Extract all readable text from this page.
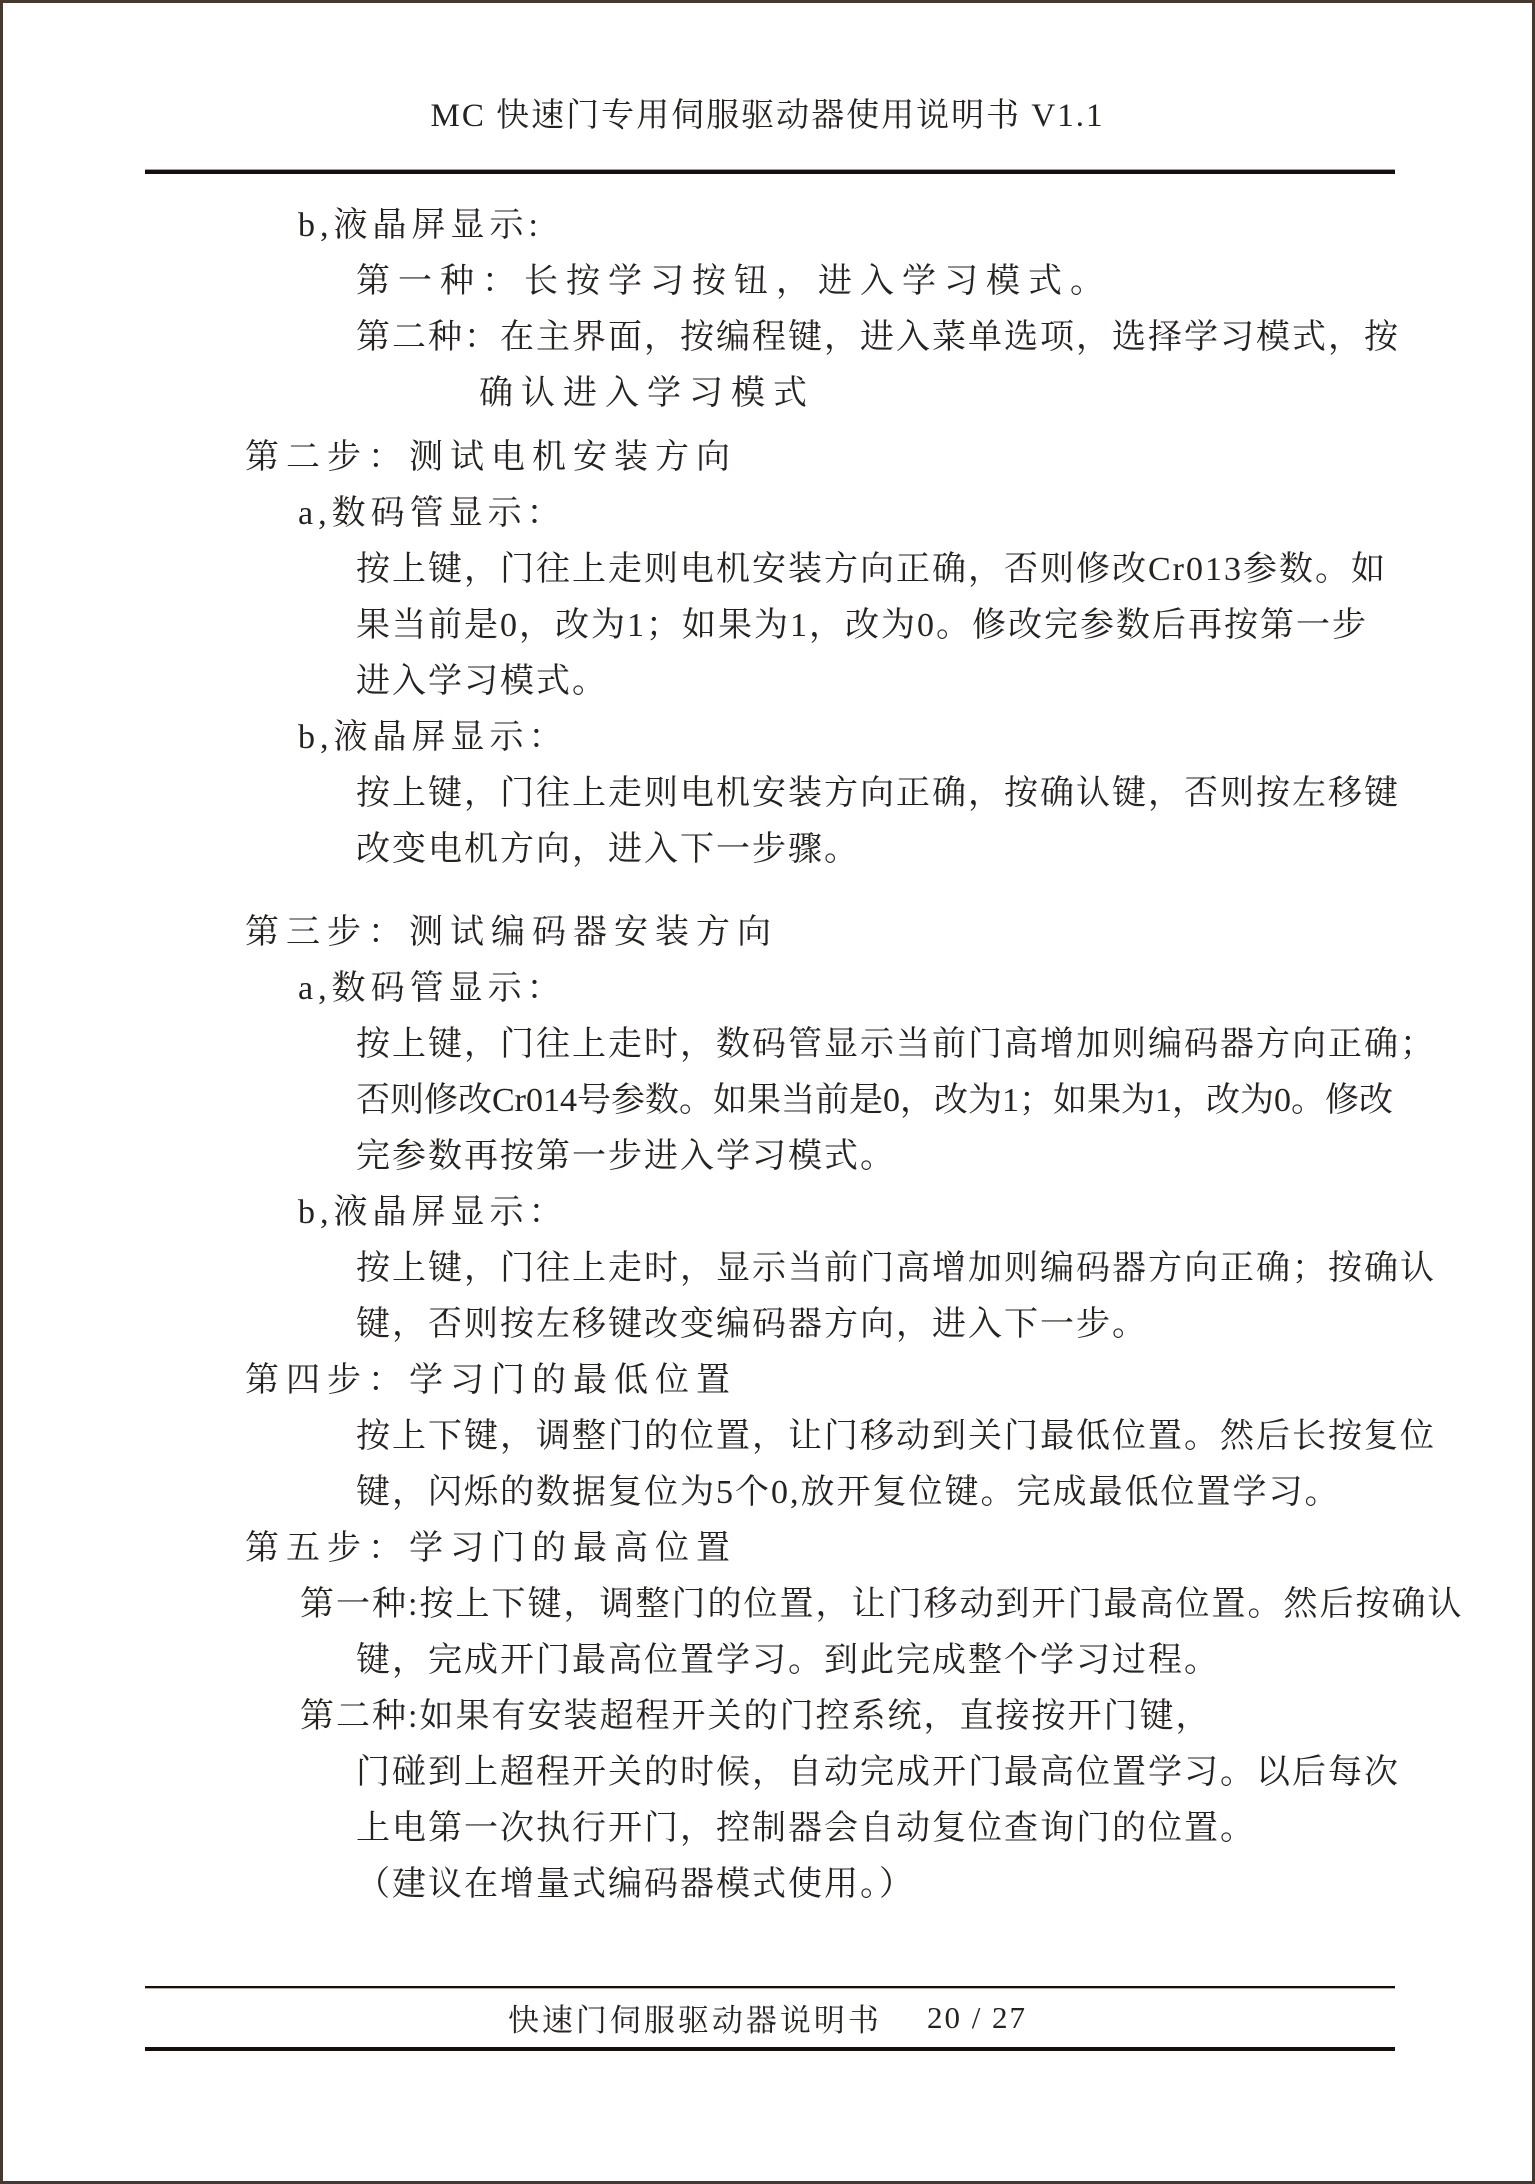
MC 快速门专用伺服驱动器使用说明书 V1.1
b,液晶屏显示:
第一种：长按学习按钮，进入学习模式。
第二种：在主界面，按编程键，进入菜单选项，选择学习模式，按
确认进入学习模式
第二步：测试电机安装方向
a,数码管显示：
按上键，门往上走则电机安装方向正确，否则修改Cr013参数。如
果当前是0，改为1；如果为1，改为0。修改完参数后再按第一步
进入学习模式。
b,液晶屏显示：
按上键，门往上走则电机安装方向正确，按确认键，否则按左移键
改变电机方向，进入下一步骤。
第三步：测试编码器安装方向
a,数码管显示：
按上键，门往上走时，数码管显示当前门高增加则编码器方向正确；
否则修改Cr014号参数。如果当前是0，改为1；如果为1，改为0。修改
完参数再按第一步进入学习模式。
b,液晶屏显示：
按上键，门往上走时，显示当前门高增加则编码器方向正确；按确认
键，否则按左移键改变编码器方向，进入下一步。
第四步：学习门的最低位置
按上下键，调整门的位置，让门移动到关门最低位置。然后长按复位
键，闪烁的数据复位为5个0,放开复位键。完成最低位置学习。
第五步：学习门的最高位置
第一种:按上下键，调整门的位置，让门移动到开门最高位置。然后按确认
键，完成开门最高位置学习。到此完成整个学习过程。
第二种:如果有安装超程开关的门控系统，直接按开门键，
门碰到上超程开关的时候，自动完成开门最高位置学习。以后每次
上电第一次执行开门，控制器会自动复位查询门的位置。
（建议在增量式编码器模式使用。）
快速门伺服驱动器说明书 20 / 27
